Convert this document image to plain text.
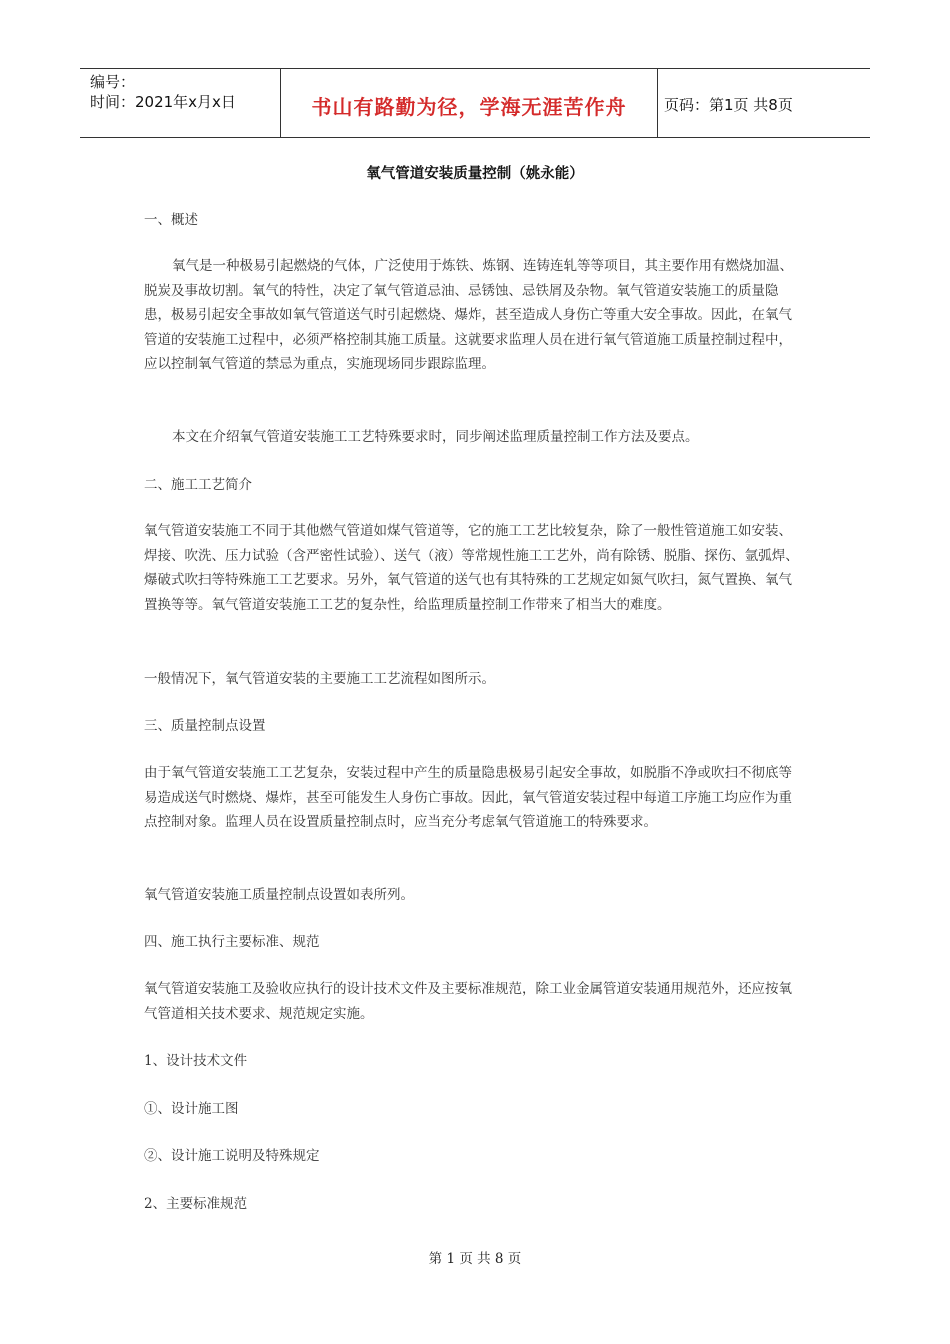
编号：
时间：2021年x月x日	书山有路勤为径，学海无涯苦作舟	页码：第1页 共8页
氧气管道安装质量控制（姚永能）

一、概述

氧气是一种极易引起燃烧的气体，广泛使用于炼铁、炼钢、连铸连轧等等项目，其主要作用有燃烧加温、脱炭及事故切割。氧气的特性，决定了氧气管道忌油、忌锈蚀、忌铁屑及杂物。氧气管道安装施工的质量隐患，极易引起安全事故如氧气管道送气时引起燃烧、爆炸，甚至造成人身伤亡等重大安全事故。因此，在氧气管道的安装施工过程中，必须严格控制其施工质量。这就要求监理人员在进行氧气管道施工质量控制过程中，应以控制氧气管道的禁忌为重点，实施现场同步跟踪监理。

本文在介绍氧气管道安装施工工艺特殊要求时，同步阐述监理质量控制工作方法及要点。

二、施工工艺简介

氧气管道安装施工不同于其他燃气管道如煤气管道等，它的施工工艺比较复杂，除了一般性管道施工如安装、焊接、吹洗、压力试验（含严密性试验）、送气（液）等常规性施工工艺外，尚有除锈、脱脂、探伤、氩弧焊、爆破式吹扫等特殊施工工艺要求。另外，氧气管道的送气也有其特殊的工艺规定如氮气吹扫，氮气置换、氧气置换等等。氧气管道安装施工工艺的复杂性，给监理质量控制工作带来了相当大的难度。

一般情况下，氧气管道安装的主要施工工艺流程如图所示。

三、质量控制点设置

由于氧气管道安装施工工艺复杂，安装过程中产生的质量隐患极易引起安全事故，如脱脂不净或吹扫不彻底等易造成送气时燃烧、爆炸，甚至可能发生人身伤亡事故。因此，氧气管道安装过程中每道工序施工均应作为重点控制对象。监理人员在设置质量控制点时，应当充分考虑氧气管道施工的特殊要求。

氧气管道安装施工质量控制点设置如表所列。

四、施工执行主要标准、规范

氧气管道安装施工及验收应执行的设计技术文件及主要标准规范，除工业金属管道安装通用规范外，还应按氧气管道相关技术要求、规范规定实施。

1、设计技术文件

①、设计施工图

②、设计施工说明及特殊规定

2、主要标准规范

第 1 页 共 8 页
